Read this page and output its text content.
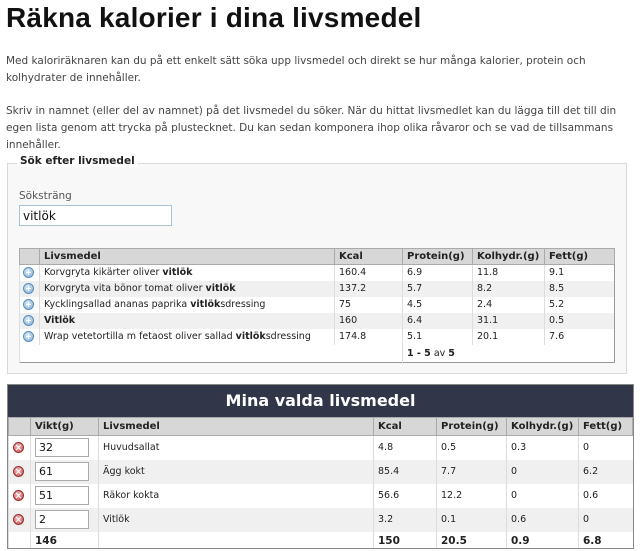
Räkna kalorier i dina livsmedel

Med kaloriräknaren kan du på ett enkelt sätt söka upp livsmedel och direkt se hur många kalorier, protein och kolhydrater de innehåller.

Skriv in namnet (eller del av namnet) på det livsmedel du söker. När du hittat livsmedlet kan du lägga till det till din egen lista genom att trycka på plustecknet. Du kan sedan komponera ihop olika råvaror och se vad de tillsammans innehåller.

Sök efter livsmedel
Söksträng
vitlök
	Livsmedel	Kcal	Protein(g)	Kolhydr.(g)	Fett(g)
	Korvgryta kikärter oliver vitlök	160.4	6.9	11.8	9.1
	Korvgryta vita bönor tomat oliver vitlök	137.2	5.7	8.2	8.5
	Kycklingsallad ananas paprika vitlöksdressing	75	4.5	2.4	5.2
	Vitlök	160	6.4	31.1	0.5
	Wrap vetetortilla m fetaost oliver sallad vitlöksdressing	174.8	5.1	20.1	7.6
			1 - 5 av 5		
Mina valda livsmedel
	Vikt(g)	Livsmedel	Kcal	Protein(g)	Kolhydr.(g)	Fett(g)
	32	Huvudsallat	4.8	0.5	0.3	0
	61	Ägg kokt	85.4	7.7	0	6.2
	51	Räkor kokta	56.6	12.2	0	0.6
	2	Vitlök	3.2	0.1	0.6	0
	146		150	20.5	0.9	6.8
